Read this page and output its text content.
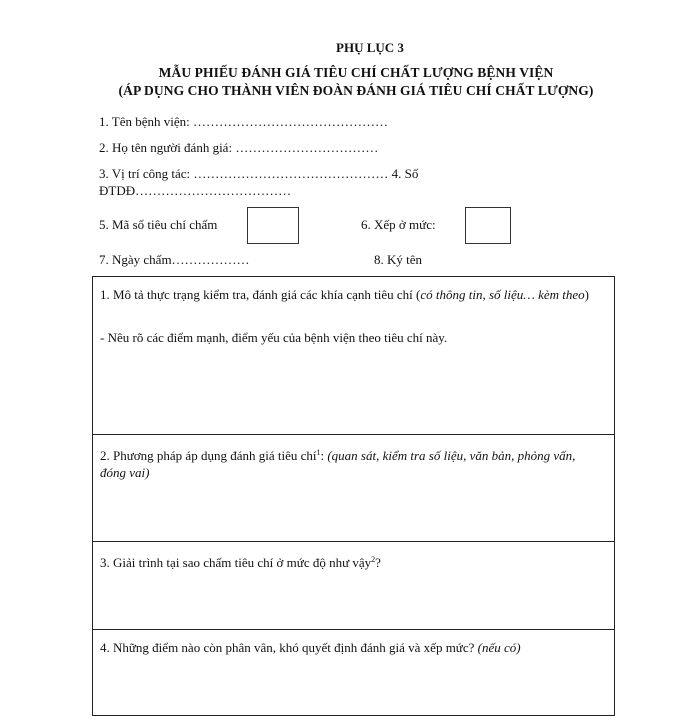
PHỤ LỤC 3
MẪU PHIẾU ĐÁNH GIÁ TIÊU CHÍ CHẤT LƯỢNG BỆNH VIỆN
(ÁP DỤNG CHO THÀNH VIÊN ĐOÀN ĐÁNH GIÁ TIÊU CHÍ CHẤT LƯỢNG)
1. Tên bệnh viện: ………………………………………
2. Họ tên người đánh giá: ……………………………
3. Vị trí công tác: ……………………………………… 4. Số
ĐTDĐ………………………………
5. Mã số tiêu chí chấm	6. Xếp ở mức:
7. Ngày chấm………………	8. Ký tên
1. Mô tả thực trạng kiểm tra, đánh giá các khía cạnh tiêu chí (có thông tin, số liệu… kèm theo)
- Nêu rõ các điểm mạnh, điểm yếu của bệnh viện theo tiêu chí này.
2. Phương pháp áp dụng đánh giá tiêu chí$^1$: (quan sát, kiểm tra số liệu, văn bản, phỏng vấn, đóng vai)
3. Giải trình tại sao chấm tiêu chí ở mức độ như vậy$^2$?
4. Những điểm nào còn phân vân, khó quyết định đánh giá và xếp mức? (nếu có)
